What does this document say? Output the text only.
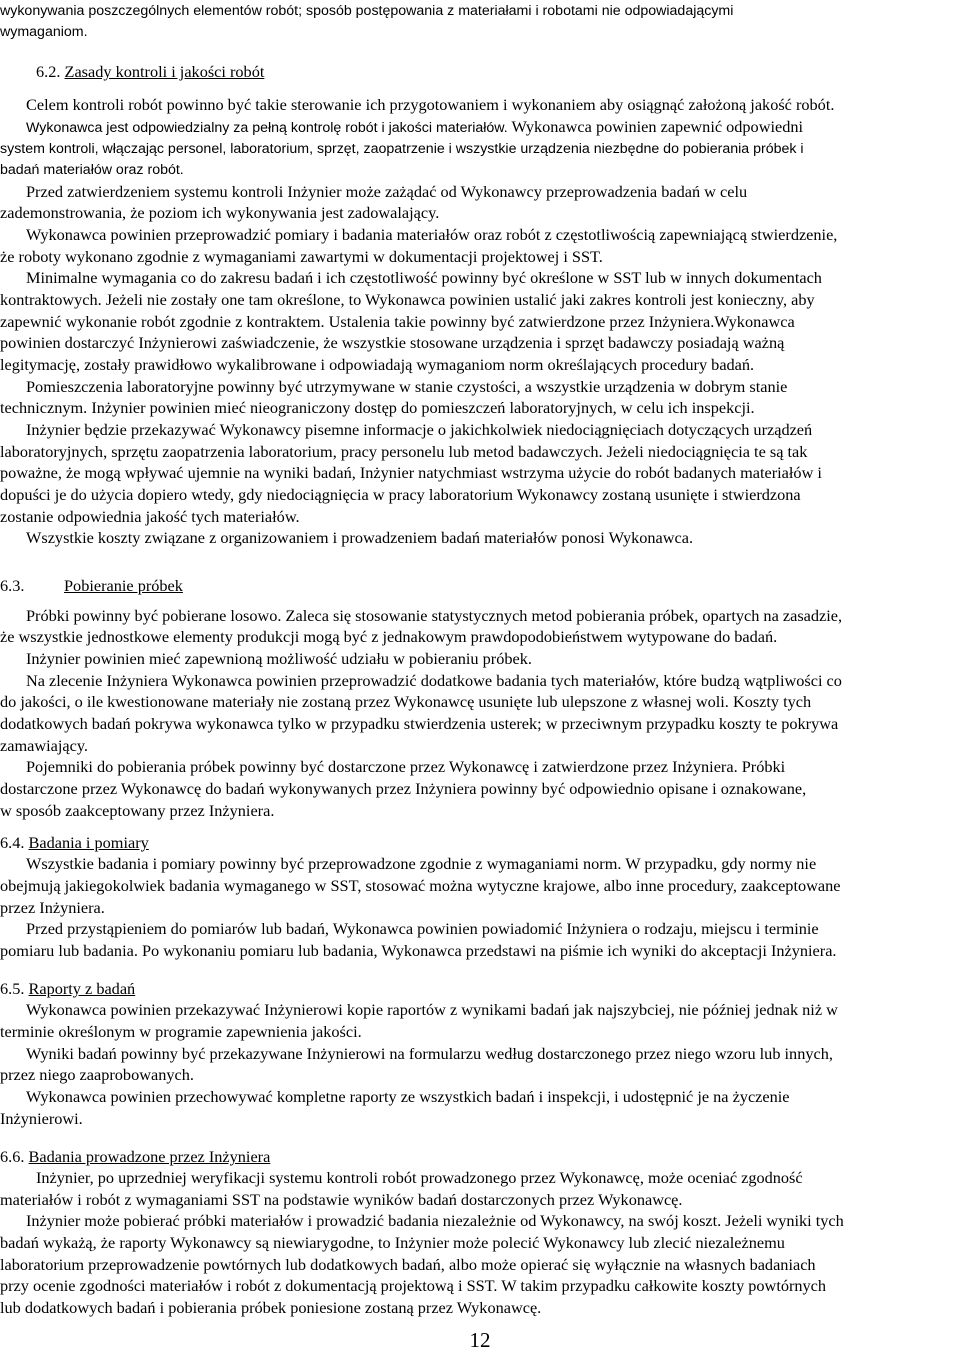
wykonywania poszczególnych elementów robót; sposób postępowania z materiałami i robotami nie odpowiadającymi
wymaganiom.
6.2. Zasady kontroli i jakości robót
Celem kontroli robót powinno być takie sterowanie ich przygotowaniem i wykonaniem aby osiągnąć założoną jakość robót.
Wykonawca jest odpowiedzialny za pełną kontrolę robót i jakości materiałów. Wykonawca powinien zapewnić odpowiedni
system kontroli, włączając personel, laboratorium, sprzęt, zaopatrzenie i wszystkie urządzenia niezbędne do pobierania próbek i
badań materiałów oraz robót.
Przed zatwierdzeniem systemu kontroli Inżynier może zażądać od Wykonawcy przeprowadzenia badań w celu
zademonstrowania, że poziom ich wykonywania jest zadowalający.
Wykonawca powinien przeprowadzić pomiary i badania materiałów oraz robót z częstotliwością zapewniającą stwierdzenie,
że roboty wykonano zgodnie z wymaganiami zawartymi w dokumentacji projektowej i SST.
Minimalne wymagania co do zakresu badań i ich częstotliwość powinny być określone w SST lub w innych dokumentach
kontraktowych. Jeżeli nie zostały one tam określone, to Wykonawca powinien ustalić jaki zakres kontroli jest konieczny, aby
zapewnić wykonanie robót zgodnie z kontraktem. Ustalenia takie powinny być zatwierdzone przez Inżyniera.Wykonawca
powinien dostarczyć Inżynierowi zaświadczenie, że wszystkie stosowane urządzenia i sprzęt badawczy posiadają ważną
legitymację, zostały prawidłowo wykalibrowane i odpowiadają wymaganiom norm określających procedury badań.
Pomieszczenia laboratoryjne powinny być utrzymywane w stanie czystości, a wszystkie urządzenia w dobrym stanie
technicznym. Inżynier powinien mieć nieograniczony dostęp do pomieszczeń laboratoryjnych, w celu ich inspekcji.
Inżynier będzie przekazywać Wykonawcy pisemne informacje o jakichkolwiek niedociągnięciach dotyczących urządzeń
laboratoryjnych, sprzętu zaopatrzenia laboratorium, pracy personelu lub metod badawczych. Jeżeli niedociągnięcia te są tak
poważne, że mogą wpływać ujemnie na wyniki badań, Inżynier natychmiast wstrzyma użycie do robót badanych materiałów i
dopuści je do użycia dopiero wtedy, gdy niedociągnięcia w pracy laboratorium Wykonawcy zostaną usunięte i stwierdzona
zostanie odpowiednia jakość tych materiałów.
Wszystkie koszty związane z organizowaniem i prowadzeniem badań materiałów ponosi Wykonawca.
6.3. Pobieranie próbek
Próbki powinny być pobierane losowo. Zaleca się stosowanie statystycznych metod pobierania próbek, opartych na zasadzie,
że wszystkie jednostkowe elementy produkcji mogą być z jednakowym prawdopodobieństwem wytypowane do badań.
Inżynier powinien mieć zapewnioną możliwość udziału w pobieraniu próbek.
Na zlecenie Inżyniera Wykonawca powinien przeprowadzić dodatkowe badania tych materiałów, które budzą wątpliwości co
do jakości, o ile kwestionowane materiały nie zostaną przez Wykonawcę usunięte lub ulepszone z własnej woli. Koszty tych
dodatkowych badań pokrywa wykonawca tylko w przypadku stwierdzenia usterek; w przeciwnym przypadku koszty te pokrywa
zamawiający.
Pojemniki do pobierania próbek powinny być dostarczone przez Wykonawcę i zatwierdzone przez Inżyniera. Próbki
dostarczone przez Wykonawcę do badań wykonywanych przez Inżyniera powinny być odpowiednio opisane i oznakowane,
w sposób zaakceptowany przez Inżyniera.
6.4. Badania i pomiary
Wszystkie badania i pomiary powinny być przeprowadzone zgodnie z wymaganiami norm. W przypadku, gdy normy nie
obejmują jakiegokolwiek badania wymaganego w SST, stosować można wytyczne krajowe, albo inne procedury, zaakceptowane
przez Inżyniera.
Przed przystąpieniem do pomiarów lub badań, Wykonawca powinien powiadomić Inżyniera o rodzaju, miejscu i terminie
pomiaru lub badania. Po wykonaniu pomiaru lub badania, Wykonawca przedstawi na piśmie ich wyniki do akceptacji Inżyniera.
6.5. Raporty z badań
Wykonawca powinien przekazywać Inżynierowi kopie raportów z wynikami badań jak najszybciej, nie później jednak niż w
terminie określonym w programie zapewnienia jakości.
Wyniki badań powinny być przekazywane Inżynierowi na formularzu według dostarczonego przez niego wzoru lub innych,
przez niego zaaprobowanych.
Wykonawca powinien przechowywać kompletne raporty ze wszystkich badań i inspekcji, i udostępnić je na życzenie
Inżynierowi.
6.6. Badania prowadzone przez Inżyniera
Inżynier, po uprzedniej weryfikacji systemu kontroli robót prowadzonego przez Wykonawcę, może oceniać zgodność
materiałów i robót z wymaganiami SST na podstawie wyników badań dostarczonych przez Wykonawcę.
Inżynier może pobierać próbki materiałów i prowadzić badania niezależnie od Wykonawcy, na swój koszt. Jeżeli wyniki tych
badań wykażą, że raporty Wykonawcy są niewiarygodne, to Inżynier może polecić Wykonawcy lub zlecić niezależnemu
laboratorium przeprowadzenie powtórnych lub dodatkowych badań, albo może opierać się wyłącznie na własnych badaniach
przy ocenie zgodności materiałów i robót z dokumentacją projektową i SST. W takim przypadku całkowite koszty powtórnych
lub dodatkowych badań i pobierania próbek poniesione zostaną przez Wykonawcę.
12
